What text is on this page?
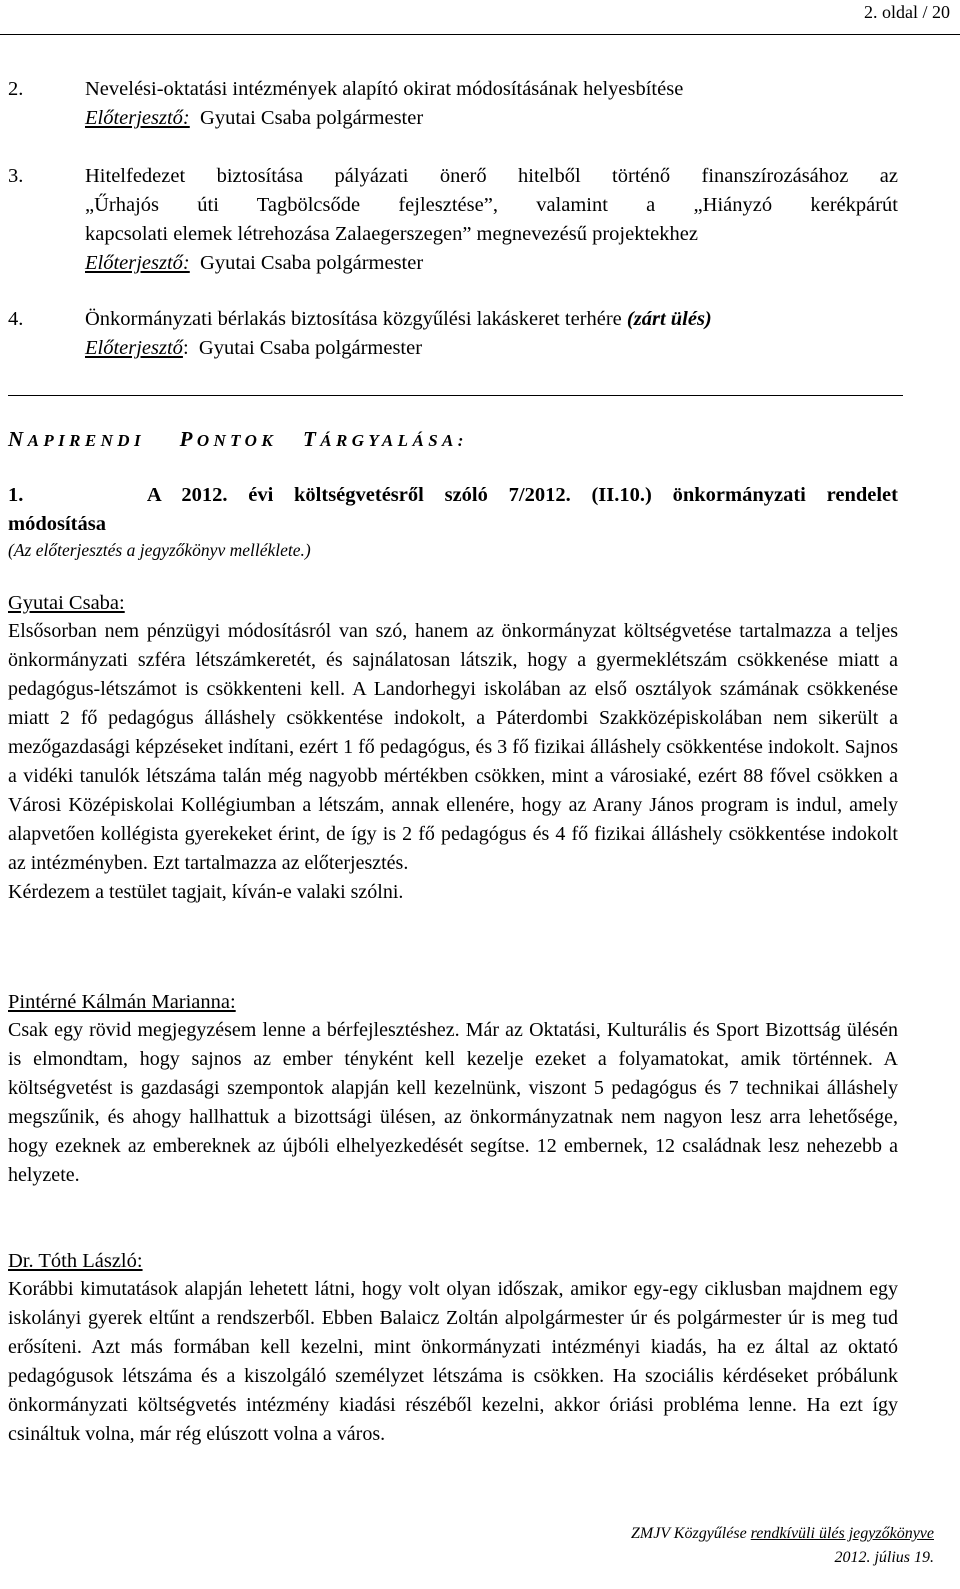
2. oldal / 20
2.	Nevelési-oktatási intézmények alapító okirat módosításának helyesbítése
Előterjesztő: Gyutai Csaba polgármester
3.	Hitelfedezet biztosítása pályázati önerő hitelből történő finanszírozásához az
„Űrhajós úti Tagbölcsőde fejlesztése”, valamint a „Hiányzó kerékpárút
kapcsolati elemek létrehozása Zalaegerszegen” megnevezésű projektekhez
Előterjesztő: Gyutai Csaba polgármester
4.	Önkormányzati bérlakás biztosítása közgyűlési lakáskeret terhére (zárt ülés)
Előterjesztő: Gyutai Csaba polgármester
NAPIRENDI PONTOK TÁRGYALÁSA:
1.	A 2012. évi költségvetésről szóló 7/2012. (II.10.) önkormányzati rendelet
módosítása
(Az előterjesztés a jegyzőkönyv melléklete.)
Gyutai Csaba:
Elsősorban nem pénzügyi módosításról van szó, hanem az önkormányzat költségvetése tartalmazza a teljes önkormányzati szféra létszámkeretét, és sajnálatosan látszik, hogy a gyermeklétszám csökkenése miatt a pedagógus-létszámot is csökkenteni kell. A Landorhegyi iskolában az első osztályok számának csökkenése miatt 2 fő pedagógus álláshely csökkentése indokolt, a Páterdombi Szakközépiskolában nem sikerült a mezőgazdasági képzéseket indítani, ezért 1 fő pedagógus, és 3 fő fizikai álláshely csökkentése indokolt. Sajnos a vidéki tanulók létszáma talán még nagyobb mértékben csökken, mint a városiaké, ezért 88 fővel csökken a Városi Középiskolai Kollégiumban a létszám, annak ellenére, hogy az Arany János program is indul, amely alapvetően kollégista gyerekeket érint, de így is 2 fő pedagógus és 4 fő fizikai álláshely csökkentése indokolt az intézményben. Ezt tartalmazza az előterjesztés.
Kérdezem a testület tagjait, kíván-e valaki szólni.
Pintérné Kálmán Marianna:
Csak egy rövid megjegyzésem lenne a bérfejlesztéshez. Már az Oktatási, Kulturális és Sport Bizottság ülésén is elmondtam, hogy sajnos az ember tényként kell kezelje ezeket a folyamatokat, amik történnek. A költségvetést is gazdasági szempontok alapján kell kezelnünk, viszont 5 pedagógus és 7 technikai álláshely megszűnik, és ahogy hallhattuk a bizottsági ülésen, az önkormányzatnak nem nagyon lesz arra lehetősége, hogy ezeknek az embereknek az újbóli elhelyezkedését segítse. 12 embernek, 12 családnak lesz nehezebb a helyzete.
Dr. Tóth László:
Korábbi kimutatások alapján lehetett látni, hogy volt olyan időszak, amikor egy-egy ciklusban majdnem egy iskolányi gyerek eltűnt a rendszerből. Ebben Balaicz Zoltán alpolgármester úr és polgármester úr is meg tud erősíteni. Azt más formában kell kezelni, mint önkormányzati intézményi kiadás, ha ez által az oktató pedagógusok létszáma és a kiszolgáló személyzet létszáma is csökken. Ha szociális kérdéseket próbálunk önkormányzati költségvetés intézmény kiadási részéből kezelni, akkor óriási probléma lenne. Ha ezt így csináltuk volna, már rég elúszott volna a város.
ZMJV Közgyűlése rendkívüli ülés jegyzőkönyve
2012. július 19.
